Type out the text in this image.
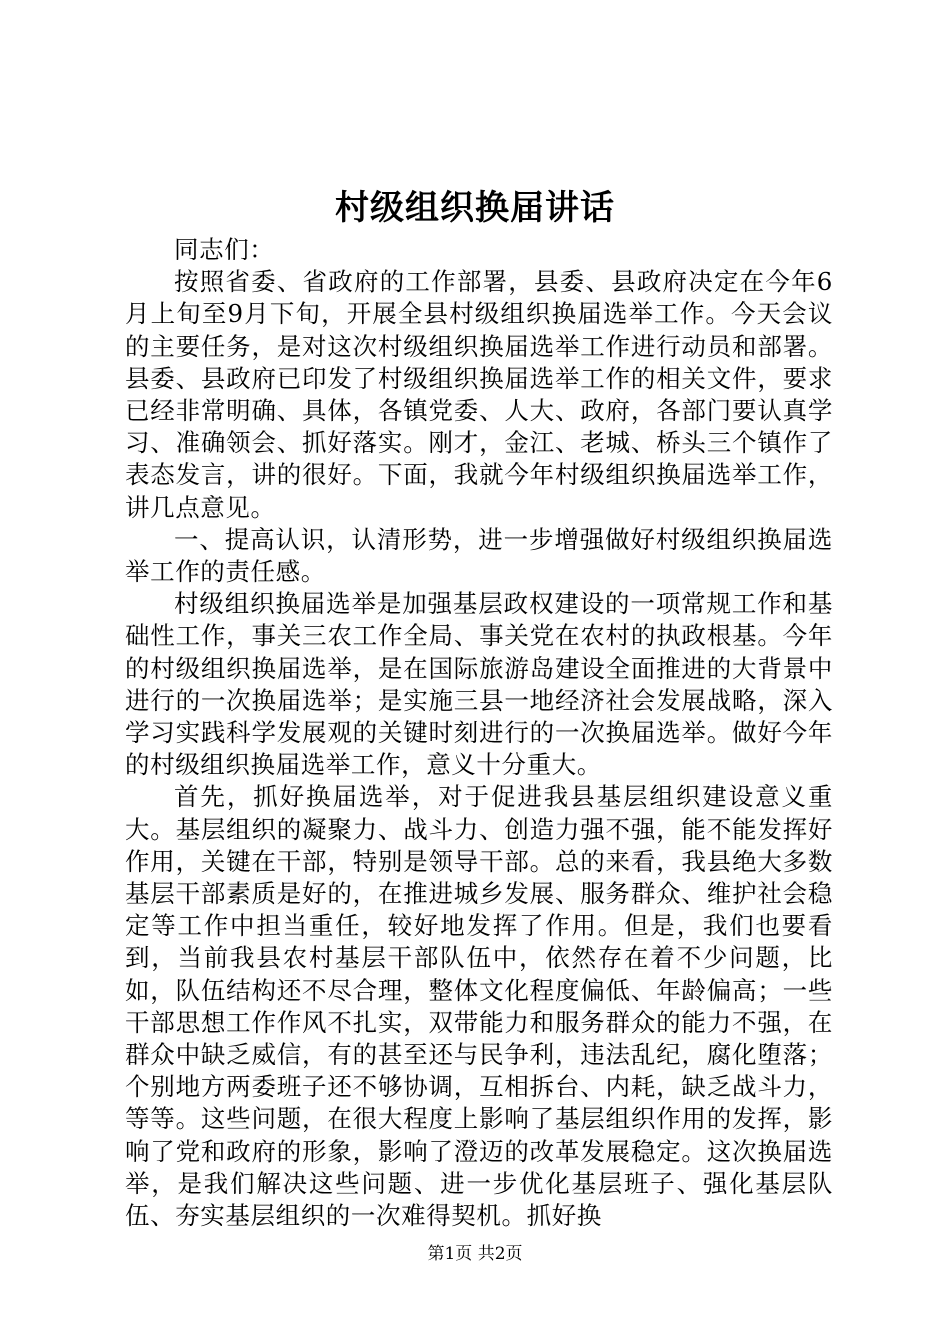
村级组织换届讲话

同志们：

按照省委、省政府的工作部署，县委、县政府决定在今年6月上旬至9月下旬，开展全县村级组织换届选举工作。今天会议的主要任务，是对这次村级组织换届选举工作进行动员和部署。县委、县政府已印发了村级组织换届选举工作的相关文件，要求已经非常明确、具体，各镇党委、人大、政府，各部门要认真学习、准确领会、抓好落实。刚才，金江、老城、桥头三个镇作了表态发言，讲的很好。下面，我就今年村级组织换届选举工作，讲几点意见。

一、提高认识，认清形势，进一步增强做好村级组织换届选举工作的责任感。

村级组织换届选举是加强基层政权建设的一项常规工作和基础性工作，事关三农工作全局、事关党在农村的执政根基。今年的村级组织换届选举，是在国际旅游岛建设全面推进的大背景中进行的一次换届选举；是实施三县一地经济社会发展战略，深入学习实践科学发展观的关键时刻进行的一次换届选举。做好今年的村级组织换届选举工作，意义十分重大。

首先，抓好换届选举，对于促进我县基层组织建设意义重大。基层组织的凝聚力、战斗力、创造力强不强，能不能发挥好作用，关键在干部，特别是领导干部。总的来看，我县绝大多数基层干部素质是好的，在推进城乡发展、服务群众、维护社会稳定等工作中担当重任，较好地发挥了作用。但是，我们也要看到，当前我县农村基层干部队伍中，依然存在着不少问题，比如，队伍结构还不尽合理，整体文化程度偏低、年龄偏高；一些干部思想工作作风不扎实，双带能力和服务群众的能力不强，在群众中缺乏威信，有的甚至还与民争利，违法乱纪，腐化堕落；个别地方两委班子还不够协调，互相拆台、内耗，缺乏战斗力，等等。这些问题，在很大程度上影响了基层组织作用的发挥，影响了党和政府的形象，影响了澄迈的改革发展稳定。这次换届选举，是我们解决这些问题、进一步优化基层班子、强化基层队伍、夯实基层组织的一次难得契机。抓好换

第1页 共2页
